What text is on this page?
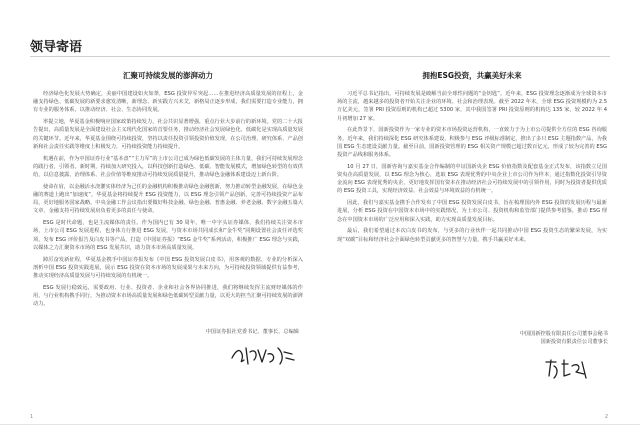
领导寄语
汇聚可持续发展的澎湃动力

经济绿色化发展大势确定，美丽中国建设如火如荼，ESG 投资异军突起……在推进经济高质量发展的征程上，金融支持绿色、低碳发展的新要求愈发清晰，新理念、新实践方兴未艾，新格局正逐步形成，我们需要打造专业能力，拥有专业的服务体系，以推动经济、社会、生态协同发展。

率提立地，华夏基金积极响应国家政策持续发力，社会共识显著增强，重点行业大步前行的新环境。党的二十大报告提出，高质量发展是全面建设社会主义现代化国家的首要任务，推动经济社会发展绿色化、低碳化是实现高质量发展的关键环节。近年来，华夏基金围绕可持续投资，坚持以责任投资引领投资价值发现，在公司治理、研究体系、产品创新和社会责任实践等维度上积极发力，可持续投资能力持续提升。

机遇在前，作为中国证券行业“基本盘”“主力军”的上市公司已成为绿色低碳发展的主体力量，我们可持续发展理念的践行者，引领者。新时期，持续加大研究投入，以科技创新打造绿色、低碳、智能发展模式，增加绿色转型的有效供给，以信息披露、治理体系、社会价值等维度推动可持续发展质量提升，推动绿色金融体系建设迈上新台阶。

使命在肩，以金融活水浇灌实体经济为己任的金融机构积极推动绿色金融创新，努力推动转型金融发展，在绿色金融的赛道上跑出“加速度”。华夏基金将持续提升 ESG 投资能力，以 ESG 理念引领产品创新，完善可持续投资产品布局，更好地服务国家战略。中央金融工作会议指出要做好科技金融、绿色金融、普惠金融、养老金融、数字金融五篇大文章，金融支持可持续发展肩负着更多的责任与使命。

ESG 是时代命题，也是主流媒体的责任。作为国内已有 30 周年，唯一中字头证券媒体，我们持续关注资本市场，上市公司 ESG 发展进程，也身体力行推进 ESG 发展，与资本市场共同成长和“金牛奖”同期设置社会责任评选奖项，发布 ESG 评价报告及白皮书等产品，打造《中国证券报》“ESG 金牛奖”系列活动，积极推广 ESG 理念与实践，以媒体之力汇聚资本市场的 ESG 发展共识，助力资本市场高质量发展。

踔厉奋发新征程，华夏基金携手中国证券报发布《中国 ESG 投资发展白皮书》，用客观的数据、专业的分析深入剖析中国 ESG 投资实践进展，展示 ESG 投资在资本市场的发展成果与未来方向，为可持续投资领域提供有益参考，推动实现经济高质量发展与可持续发展的有机统一。

ESG 发展行稳致远，需要政府、行业、投资者、企业和社会各界协同推进，我们将继续发挥主流财经媒体的作用，与行业机构携手同行，为推动资本市场高质量发展和绿色低碳转型贡献力量，以更大的担当汇聚可持续发展的澎湃动力。

中国证券报社党委书记、董事长、总编辑
拥抱ESG投资，共赢美好未来

习近平总书记指出，可持续发展是破解当前全球性问题的“金钥匙”。近年来，ESG 投资理念逐渐成为全球资本市场的主流，越来越多的投资者开始关注企业的环境、社会和治理表现。截至 2022 年末，全球 ESG 投资规模约为 2.5 万亿美元，签署 PRI 投资原则的机构已超过 5300 家，其中我国签署 PRI 投资原则的机构达 135 家，较 2022 年 4 月初增加 27 家。

在此背景下，国新投资作为一家专业的资本市场投资运营机构，一直致力于为上市公司提供全方位的 ESG 咨询服务。近年来，我们持续深化 ESG 研究体系建设，积极参与 ESG 评级标准制定，推出了多只 ESG 主题指数产品，为我国 ESG 生态建设贡献力量。截至目前，国新投资管理的 ESG 相关资产规模已超过数百亿元，形成了较为完善的 ESG 投资产品线和服务体系。

10 月 27 日，国新咨询与嘉实基金合作编制的中证国新央企 ESG 价值指数及配套基金正式发布，该指数立足国资央企高质量发展，以 ESG 理念为核心，选取 ESG 表现优秀的中央企业上市公司作为样本，通过指数化投资引导资金流向 ESG 表现优秀的央企，更好地发挥国有资本在推动经济社会可持续发展中的引领作用，同时为投资者提供优质的 ESG 投资工具，实现经济效益、社会效益与环境效益的有机统一。

因此，我们与嘉实基金携手合作发布了中国 ESG 投资发展白皮书，旨在梳理国内外 ESG 投资的发展历程与最新进展，分析 ESG 投资在中国资本市场中的实践情况，为上市公司、投资机构和监管部门提供参考借鉴，推动 ESG 理念在中国资本市场的广泛应用和深入实践，助力实现高质量发展目标。

最后，我们希望通过本次白皮书的发布，与更多的行业伙伴一起共同推动中国 ESG 投资生态的繁荣发展，为实现“双碳”目标和经济社会全面绿色转型贡献更多的智慧与力量，携手共赢美好未来。

中国国新控股有限责任公司董事会秘书
国新投资有限责任公司董事长
1	2
